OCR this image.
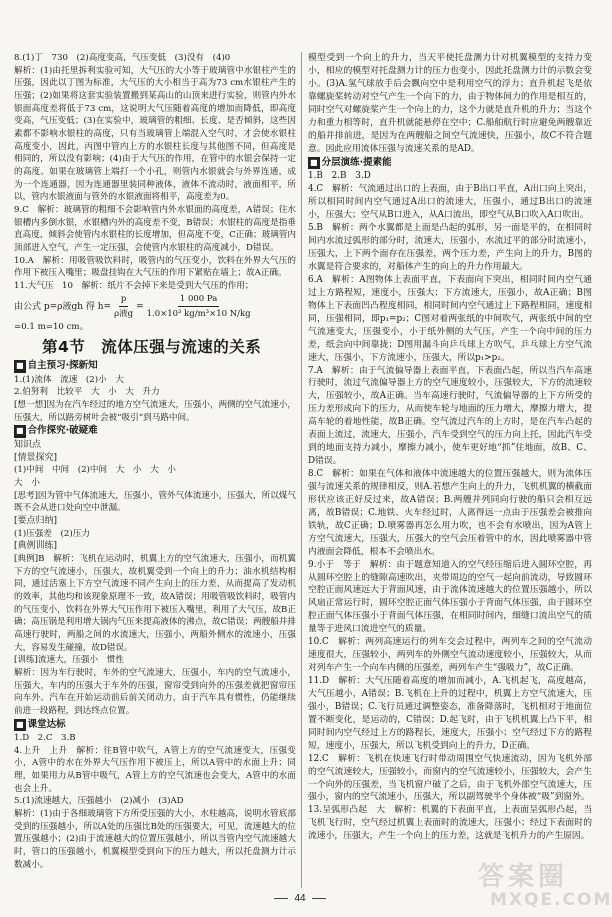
8.(1)丁　730　(2)高度变高，气压变低　(3)没有　(4)0

解析：(1)由托里拆利实验可知，大气压的大小等于玻璃管中水银柱产生的压强，因此以丁图为标准，大气压的大小相当于高为73 cm水银柱产生的压强；(2)如果将这套实验装置搬到某高山的山顶来进行实验，则管内外水银面高度差将低于73 cm，这说明大气压随着高度的增加而降低，即高度变高，气压变低；(3)在实验中，玻璃管的粗细、长度、是否倾斜，这些因素都不影响水银柱的高度，只有当玻璃管上端混入空气时，才会使水银柱高度变小，因此，丙图中管内上方的水银柱长度与其他图不同，但高度是相同的，所以没有影响；(4)由于大气压的作用，在管中的水银会保持一定的高度。如果在玻璃管上端打一个小孔，则管内水银就会与外界连通，成为一个连通器，因为连通器里装同种液体，液体不流动时，液面相平，所以，管内水银液面与管外的水银液面将相平，高度差为0。

9.C　解析：玻璃管的粗细不会影响管内外水银面的高度差，A错误；往水银槽内多倒水银，水银槽内外的高度差不变，B错误；水银柱的高度是指垂直高度，倾斜会使管内水银柱的长度增加，但高度不变，C正确；玻璃管内顶部进入空气，产生一定压强，会使管内水银柱的高度减小，D错误。

10.A　解析：用吸管吸饮料时，吸管内的气压变小，饮料在外界大气压的作用下被压入嘴里；吸盘挂钩在大气压的作用下紧贴在墙上；故A正确。

11.大气压　10　解析：纸片不会掉下来是受到大气压的作用；

由公式 p=ρ液gh 得 $h= \frac{p}{\text{ρ液g}} = \frac{1 000 Pa}{\text{1.0×10³ kg/m³×10 N/kg}}$

=0.1 m=10 cm。

第4节　流体压强与流速的关系
■ 自主预习·探新知

1.(1)流体　流速　(2)小　大

2.伯努利　比较平　大　小　大　升力

[想一想]因为在汽车经过的地方空气流速大，压强小，两侧的空气流速小，压强大，所以路旁树叶会被“吸引”到马路中间。

■ 合作探究·破疑难

知识点

[情景探究]

(1)中间　中间　(2)中间　大　小　大　小

大　小

[思考]因为管中气体流速大，压强小，管外气体流速小，压强大，所以煤气既不会从进口处向空中泄漏。

[要点归纳]

(1)压强差　(2)压力

[典例训练]

[典例]B　解析：飞机在运动时，机翼上方的空气流速大，压强小，而机翼下方的空气流速小，压强大，故机翼受到一个向上的升力；油水机结构相同，通过活塞上下方空气流速不同产生向上的压力差，从而提高了发动机的效率，其他均和该现象原理不一致，故A错误；用吸管吸饮料时，吸管内的气压变小，饮料在外界大气压作用下被压入嘴里，利用了大气压，故B正确；高压锅是利用增大锅内气压来提高液体的沸点，故C错误；两艘船并排高速行驶时，两船之间的水流速大，压强小，两船外侧水的流速小，压强大，容易发生碰撞，故D错误。

[训练]流速大，压强小　惯性

解析：因为车行驶时，车外的空气流速大，压强小，车内的空气流速小，压强大，车内的压强大于车外的压强，窗帘受到向外的压强差就把窗帘压向车外。汽车在开始运动前后前关闭动力，由于汽车具有惯性，仍能继续前进一段路程，到达终点位置。

■ 课堂达标

1.D　2.C　3.B

4.上升　上升　解析：往B管中吹气，A管上方的空气流速变大，压强变小，A管中的水在外界大气压作用下被压上，所以A管中的水面上升；同理，如果用力从B管中吸气，A管上方的空气流速也会变大，A管中的水面也会上升。

5.(1)流速越大，压强越小　(2)减小　(3)AD

解析：(1)由于各细玻璃管下方所受压强的大小，水柱越高，说明水管底部受到的压强越小，所以A处的压强比B处的压强要大，可见，流速越大的位置压强越小；(2)由于流速越大的位置压强越小，所以当管内空气流速越大时，管口的压强越小，机翼模型受到向下的压力越大，所以托盘测力计示数减小。

模型受到一个向上的升力，当天平使托盘测力计对机翼模型的支持力变小，相应的模型对托盘测力计的压力也变小，因此托盘测力计的示数会变小。(3)A.氢气球放手后会飘向空中是利用空气的浮力；直升机起飞是依靠螺旋桨转动对空气产生一个向下的力，由于物体间力的作用是相互的，同时空气对螺旋桨产生一个向上的力，这个力就是直升机的升力；当这个力和重力相等时，直升机就能悬停在空中；C.船舶航行时应避免两艘靠近的船并排前进，是因为在两艘船之间空气流速快，压强小，故C不符合题意。因此应用流体压强与流速关系的是AD。

■ 分层演练·提素能

1.B　2.B　3.D

4.C　解析：气流通过出口的上表面，由于B出口平直，A出口向上突出，所以相同时间内空气通过A出口的流速大，压强小，通过B出口的流速小，压强大；空气从B口进入，从A口流出，即空气从B口吹入A口吹出。

5.B　解析：两个水翼都是上面是凸起的弧形，另一面是平的，在相同时间内水流过弧形的部分时，流速大，压强小，水流过平的部分时流速小，压强大，上下两个面存在压强差，两个压力差，产生向上的升力，B图的水翼是符合要求的，对船体产生的向上的升力作用最大。

6.A　解析：A图物体上表面平直，下表面向下突出，相同时间内空气通过上方路程短，速度小，压强大；下方流速大，压强小，故A正确；B图物体上下表面凹凸程度相同，相同时间内空气通过上下路程相同，速度相同，压强相同，即p₁=p₂；C图对着两张纸的中间吹气，两张纸中间的空气流速变大，压强变小，小于纸外侧的大气压，产生一个向中间的压力差，纸会向中间靠拢；D图用漏斗向乒乓球上方吹气，乒乓球上方空气流速大，压强小，下方流速小，压强大，所以p₁>p₂。

7.A　解析：由于气流偏导器上表面平直，下表面凸起，所以当汽车高速行驶时，流过气流偏导器上方的空气速度较小，压强较大，下方的流速较大，压强较小，故A正确。当车高速行驶时，气流偏导器的上下方所受的压力差形成向下的压力，从而使车轮与地面的压力增大，摩擦力增大，提高车轮的着地性能，故B正确。空气流过汽车的上方时，是在汽车凸起的表面上流过，流速大，压强小，汽车受到空气的压力向上托，因此汽车受到的地面支持力减小，摩擦力减小，使车更好地“抓”住地面，故B、C、D错误。

8.C　解析：如果在气体和液体中流速越大的位置压强越大，则为流体压强与流速关系的规律相反，则A.若想产生向上的升力，飞机机翼的横截面形状应该正好反过来，故A错误；B.两艘并列同向行驶的船只会相互远离，故B错误；C.地铁、火车经过时，人离得远一点由于压强差会被推向铁轨，故C正确；D.喷雾器再怎么用力吹，也不会有水喷出，因为A管上方空气流速大，压强大，压强大的空气会压着管中的水，因此喷雾器中管内液面会降低，根本不会喷出水。

9.小于　等于　解析：由于题意知道入的空气经压缩后进入圆环空腔，再从圆环空腔上的缝隙高速吹出，夹带周边的空气一起向前流动，导致圆环空腔正面风速远大于背面风速，由于流体流速越大的位置压强越小，所以风扇正常运行时，圆环空腔正面气体压强小于背面气体压强，由于圆环空腔正面气体压强小于背面气体压强，在相同时间内，细缝口流出空气的质量等于进风口流进空气的质量。

10.C　解析：两列高速运行的列车交会过程中，两列车之间的空气流动速度很大，压强较小，两列车的外侧空气流动速度较小，压强较大，从而对列车产生一个向车内侧的压强差，两列车产生“强吸力”，故C正确。

11.D　解析：大气压随着高度的增加而减小，A.飞机起飞，高度越高，大气压越小，A错误；B.飞机在上升的过程中，机翼上方空气流速大，压强小，B错误；C.飞行员通过调整姿态，准备降落时，飞机相对于地面位置不断变化，是运动的，C错误；D.起飞时，由于飞机机翼上凸下平，相同时间内空气经过上方的路程长，速度大，压强小；空气经过下方的路程短，速度小，压强大，所以飞机受到向上的升力，D正确。

12.C　解析：飞机在快速飞行时带动周围空气快速流动，因为飞机外部的空气流速较大，压强较小，而窗内的空气流速较小，压强较大，会产生一个向外的压强差，当飞机窗户破了之后，由于飞机外部空气流速大，压强小，窗内的空气流速小，压强大，所以副驾驶半个身体被“吸”到窗外。

13.呈弧形凸起　大　解析：机翼的下表面平直，上表面呈弧形凸起，当飞机飞行时，空气经过机翼上表面时的流速大，压强小；经过下表面时的流速小，压强大，产生一个向上的压力差，这就是飞机升力的产生原因。

44
答案圈
MXQE.COM
